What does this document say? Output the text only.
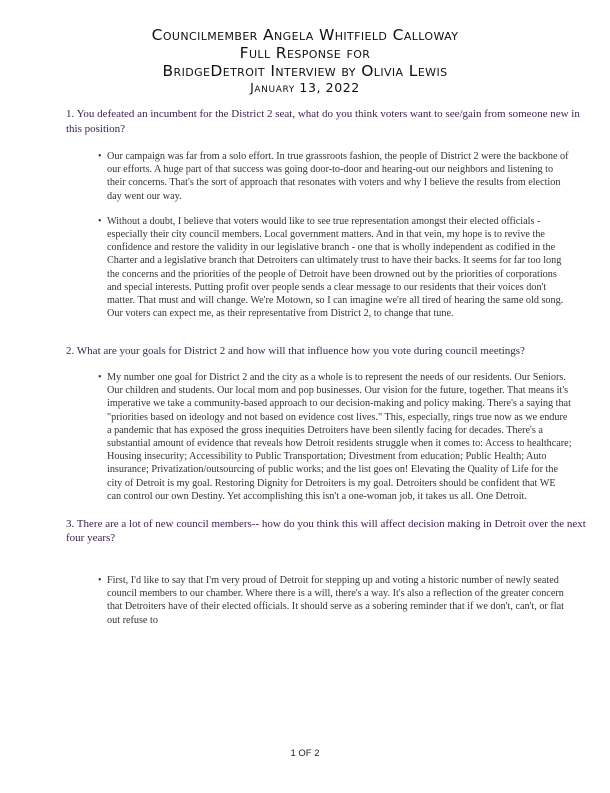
Councilmember Angela Whitfield Calloway
Full Response for
BridgeDetroit Interview by Olivia Lewis
January 13, 2022
1. You defeated an incumbent for the District 2 seat, what do you think voters want to see/gain from someone new in this position?
• Our campaign was far from a solo effort. In true grassroots fashion, the people of District 2 were the backbone of our efforts. A huge part of that success was going door-to-door and hearing-out our neighbors and listening to their concerns. That's the sort of approach that resonates with voters and why I believe the results from election day went our way.
• Without a doubt, I believe that voters would like to see true representation amongst their elected officials - especially their city council members. Local government matters. And in that vein, my hope is to revive the confidence and restore the validity in our legislative branch - one that is wholly independent as codified in the Charter and a legislative branch that Detroiters can ultimately trust to have their backs. It seems for far too long the concerns and the priorities of the people of Detroit have been drowned out by the priorities of corporations and special interests. Putting profit over people sends a clear message to our residents that their voices don't matter. That must and will change. We're Motown, so I can imagine we're all tired of hearing the same old song. Our voters can expect me, as their representative from District 2, to change that tune.
2. What are your goals for District 2 and how will that influence how you vote during council meetings?
• My number one goal for District 2 and the city as a whole is to represent the needs of our residents. Our Seniors. Our children and students. Our local mom and pop businesses. Our vision for the future, together. That means it's imperative we take a community-based approach to our decision-making and policy making. There's a saying that "priorities based on ideology and not based on evidence cost lives." This, especially, rings true now as we endure a pandemic that has exposed the gross inequities Detroiters have been silently facing for decades. There's a substantial amount of evidence that reveals how Detroit residents struggle when it comes to: Access to healthcare; Housing insecurity; Accessibility to Public Transportation; Divestment from education; Public Health; Auto insurance; Privatization/outsourcing of public works; and the list goes on! Elevating the Quality of Life for the city of Detroit is my goal. Restoring Dignity for Detroiters is my goal. Detroiters should be confident that WE can control our own Destiny. Yet accomplishing this isn't a one-woman job, it takes us all. One Detroit.
3. There are a lot of new council members-- how do you think this will affect decision making in Detroit over the next four years?
• First, I'd like to say that I'm very proud of Detroit for stepping up and voting a historic number of newly seated council members to our chamber. Where there is a will, there's a way. It's also a reflection of the greater concern that Detroiters have of their elected officials. It should serve as a sobering reminder that if we don't, can't, or flat out refuse to
1 OF 2
